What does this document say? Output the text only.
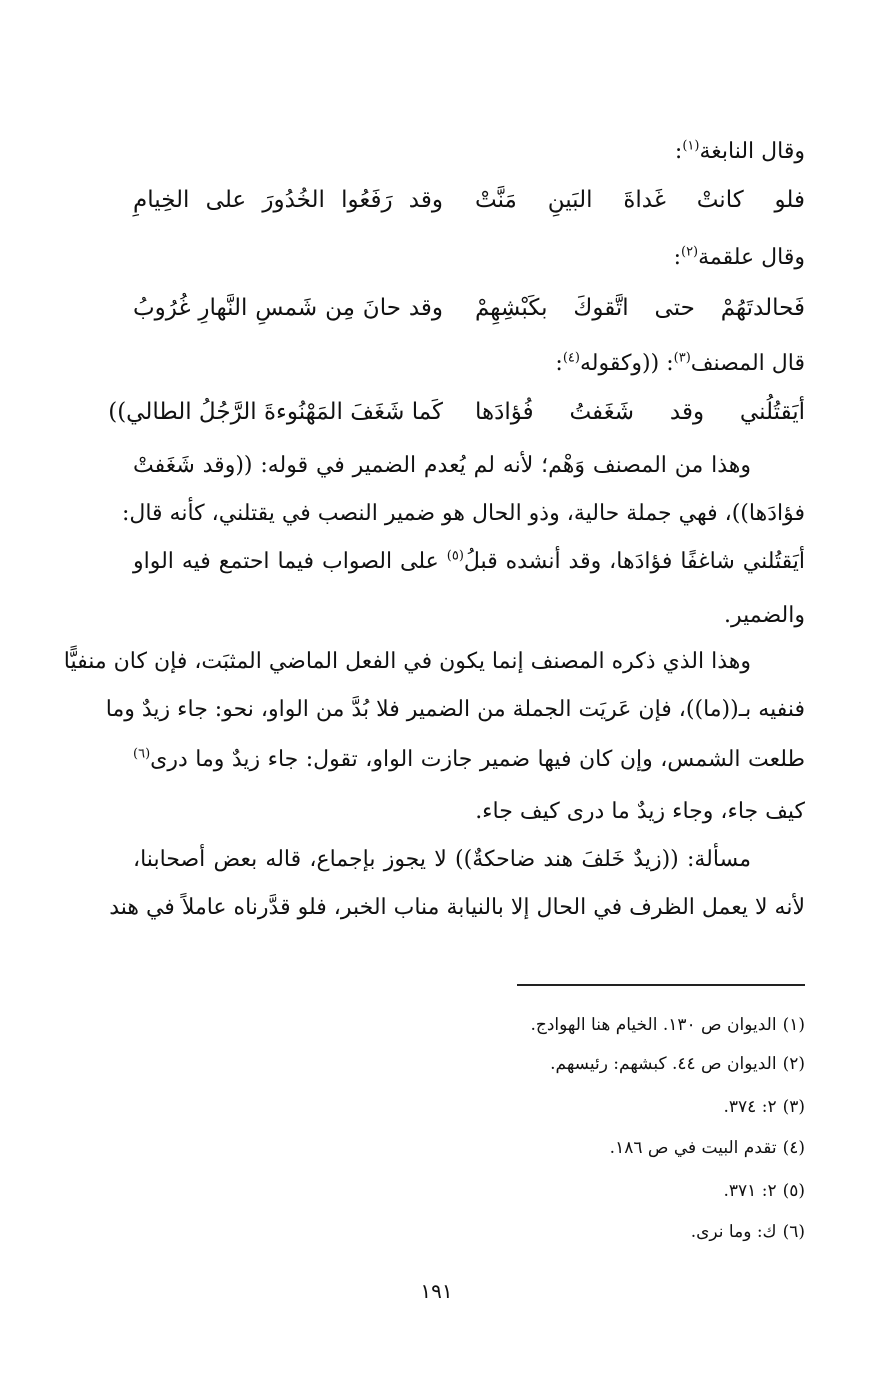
وقال النابغة$^{(١)}$:
فلو كانتْ غَداةَ البَينِ مَنَّتْ
وقد رَفَعُوا الخُدُورَ على الخِيامِ
وقال علقمة$^{(٢)}$:
فَحالدتَهُمْ حتى اتَّقوكَ بكَبْشِهِمْ
وقد حانَ مِن شَمسِ النَّهارِ غُرُوبُ
قال المصنف$^{(٣)}$: ((وكقوله$^{(٤)}$:
أيَقتُلُني وقد شَغَفتُ فُؤادَها
كَما شَغَفَ المَهْنُوءةَ الرَّجُلُ الطالي))
وهذا من المصنف وَهْم؛ لأنه لم يُعدم الضمير في قوله: ((وقد شَغَفتْ
فؤادَها))، فهي جملة حالية، وذو الحال هو ضمير النصب في يقتلني، كأنه قال:
أيَقتُلني شاغفًا فؤادَها، وقد أنشده قبلُ$^{(٥)}$ على الصواب فيما احتمع فيه الواو
والضمير.
وهذا الذي ذكره المصنف إنما يكون في الفعل الماضي المثبَت، فإن كان منفيًّا
فنفيه بـ((ما))، فإن عَريَت الجملة من الضمير فلا بُدَّ من الواو، نحو: جاء زيدٌ وما
طلعت الشمس، وإن كان فيها ضمير جازت الواو، تقول: جاء زيدٌ وما درى$^{(٦)}$
كيف جاء، وجاء زيدٌ ما درى كيف جاء.
مسألة: ((زيدٌ خَلفَ هند ضاحكةٌ)) لا يجوز بإجماع، قاله بعض أصحابنا،
لأنه لا يعمل الظرف في الحال إلا بالنيابة مناب الخبر، فلو قدَّرناه عاملاً في هند
(١)الديوان ص ١٣٠. الخيام هنا الهوادج.
(٢)الديوان ص ٤٤. كبشهم: رئيسهم.
(٣)٢: ٣٧٤.
(٤)تقدم البيت في ص ١٨٦.
(٥)٢: ٣٧١.
(٦)ك: وما نرى.
١٩١
